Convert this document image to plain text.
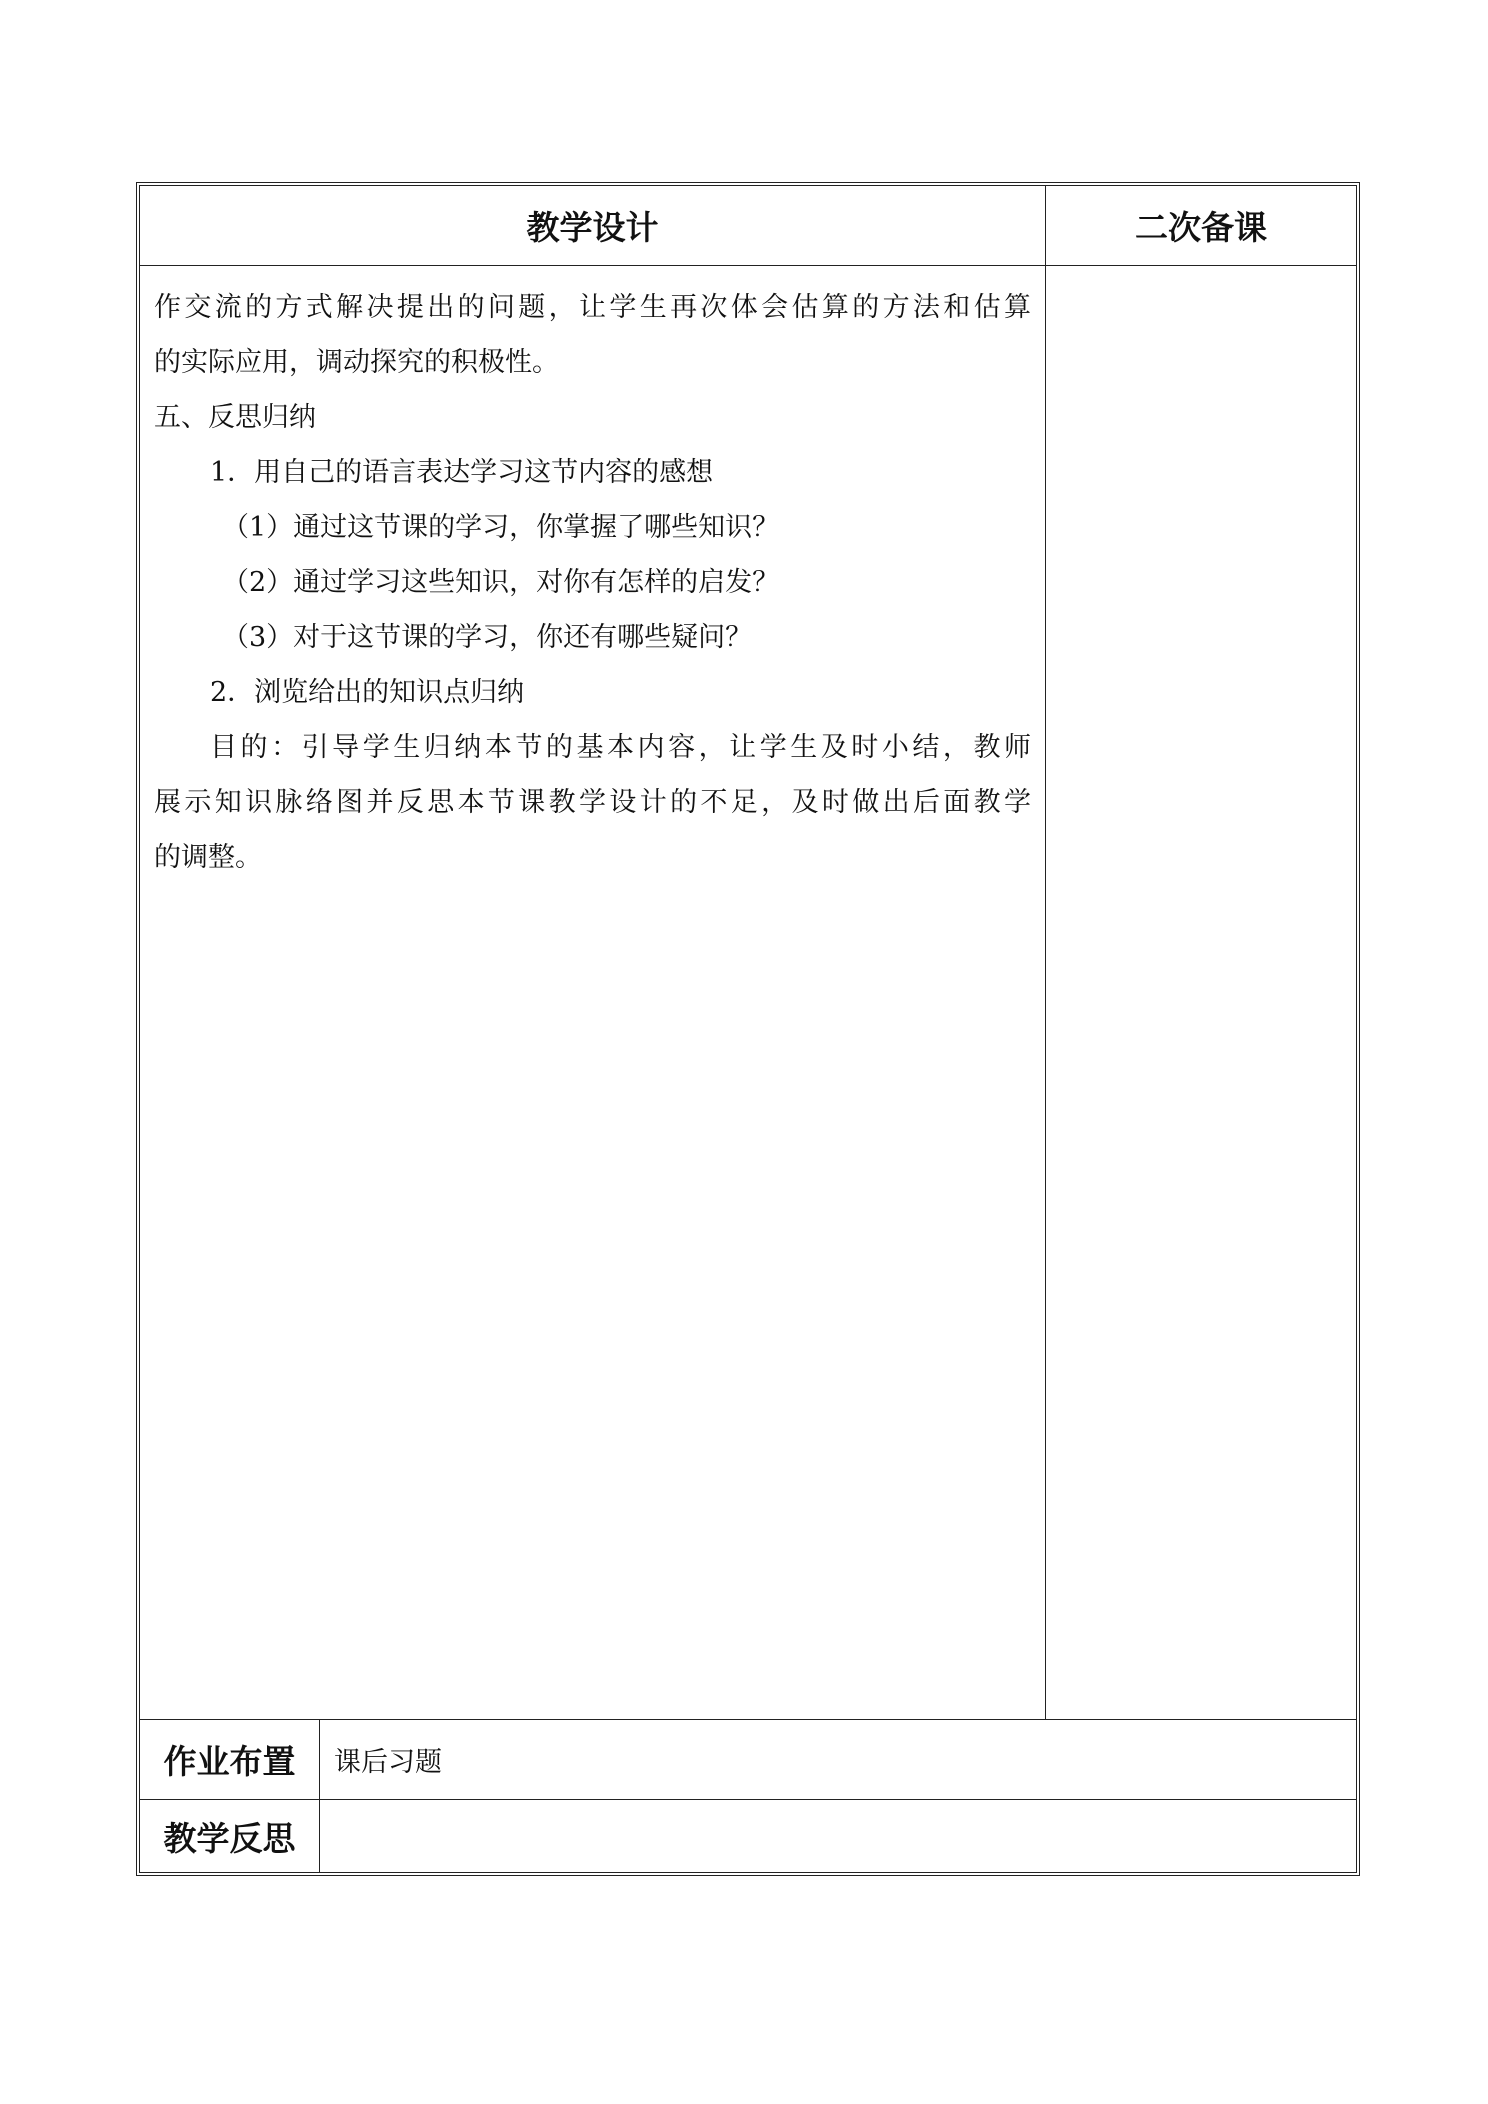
教学设计	二次备课

作交流的方式解决提出的问题，让学生再次体会估算的方法和估算

的实际应用，调动探究的积极性。

五、反思归纳

1．用自己的语言表达学习这节内容的感想

（1）通过这节课的学习，你掌握了哪些知识？

（2）通过学习这些知识，对你有怎样的启发？

（3）对于这节课的学习，你还有哪些疑问？

2．浏览给出的知识点归纳

目的：引导学生归纳本节的基本内容，让学生及时小结，教师

展示知识脉络图并反思本节课教学设计的不足，及时做出后面教学

的调整。

作业布置	课后习题
教学反思
